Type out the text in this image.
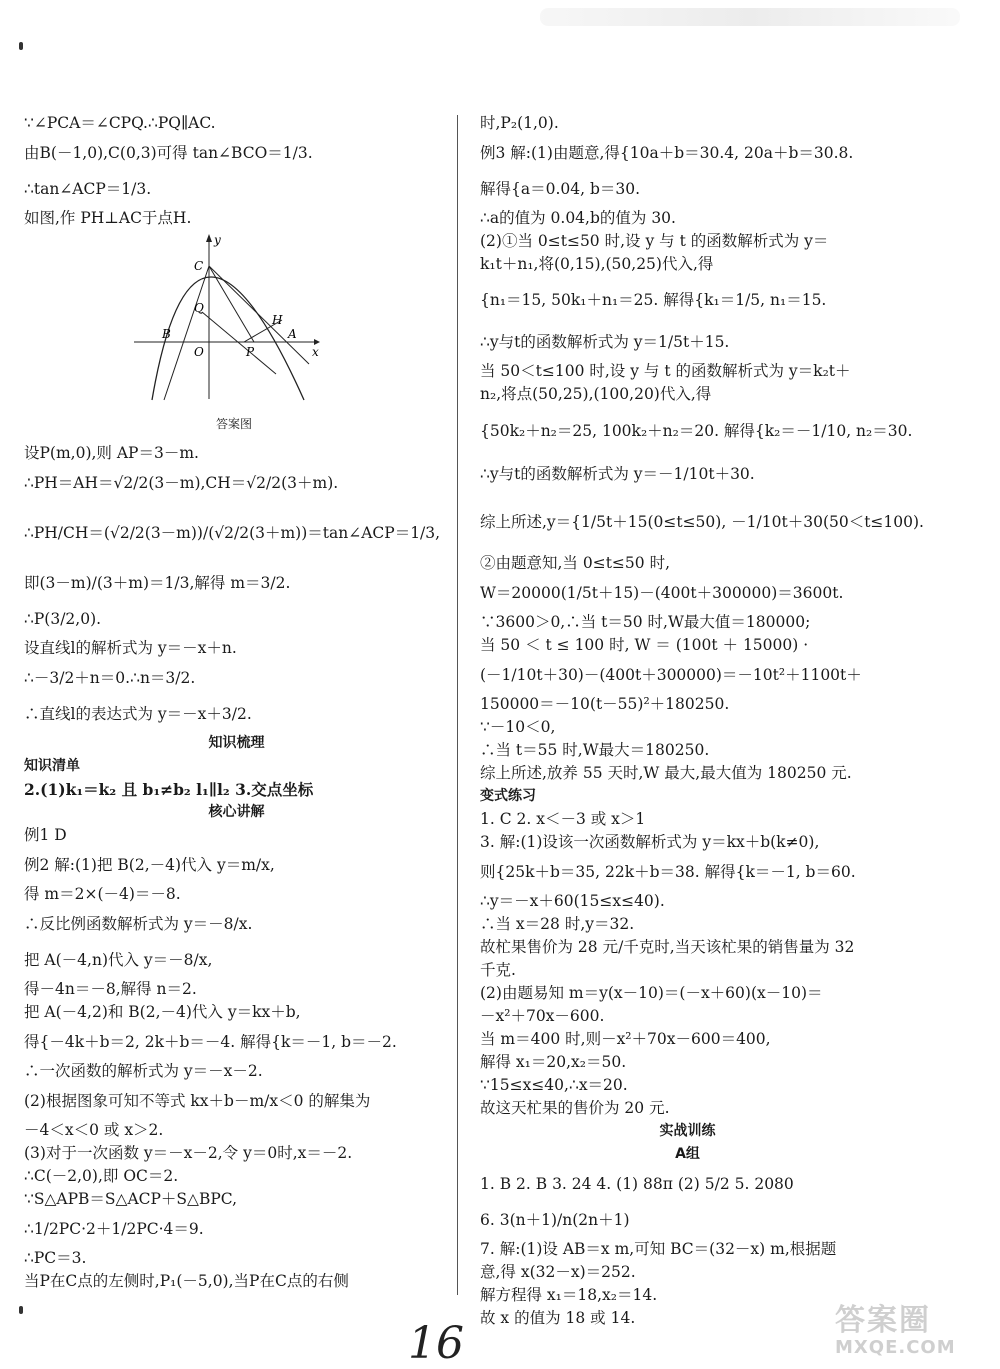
∵∠PCA＝∠CPQ.∴PQ∥AC.
由B(－1,0),C(0,3)可得 tan∠BCO＝1/3.
∴tan∠ACP＝1/3.
如图,作 PH⊥AC于点H.
y
C
Q
H
B	A
O	P	x
答案图
设P(m,0),则 AP＝3－m.
∴PH＝AH＝√2/2(3－m),CH＝√2/2(3＋m).
∴PH/CH＝(√2/2(3－m))/(√2/2(3＋m))＝tan∠ACP＝1/3,
即(3－m)/(3＋m)＝1/3,解得 m＝3/2.
∴P(3/2,0).
设直线l的解析式为 y＝－x＋n.
∴－3/2＋n＝0.∴n＝3/2.
∴直线l的表达式为 y＝－x＋3/2.
知识梳理
知识清单
2.(1)k₁＝k₂ 且 b₁≠b₂ l₁∥l₂ 3.交点坐标
核心讲解
例1 D
例2 解:(1)把 B(2,－4)代入 y＝m/x,
得 m＝2×(－4)＝－8.
∴反比例函数解析式为 y＝－8/x.
把 A(－4,n)代入 y＝－8/x,
得－4n＝－8,解得 n＝2.
把 A(－4,2)和 B(2,－4)代入 y＝kx＋b,
得{－4k＋b＝2, 2k＋b＝－4. 解得{k＝－1, b＝－2.
∴一次函数的解析式为 y＝－x－2.
(2)根据图象可知不等式 kx＋b－m/x＜0 的解集为
－4＜x＜0 或 x＞2.
(3)对于一次函数 y＝－x－2,令 y＝0时,x＝－2.
∴C(－2,0),即 OC＝2.
∵S△APB＝S△ACP＋S△BPC,
∴1/2PC·2＋1/2PC·4＝9.
∴PC＝3.
当P在C点的左侧时,P₁(－5,0),当P在C点的右侧
时,P₂(1,0).
例3 解:(1)由题意,得{10a＋b＝30.4, 20a＋b＝30.8.
解得{a＝0.04, b＝30.
∴a的值为 0.04,b的值为 30.
(2)①当 0≤t≤50 时,设 y 与 t 的函数解析式为 y＝
k₁t＋n₁,将(0,15),(50,25)代入,得
{n₁＝15, 50k₁＋n₁＝25. 解得{k₁＝1/5, n₁＝15.
∴y与t的函数解析式为 y＝1/5t＋15.
当 50＜t≤100 时,设 y 与 t 的函数解析式为 y＝k₂t＋
n₂,将点(50,25),(100,20)代入,得
{50k₂＋n₂＝25, 100k₂＋n₂＝20. 解得{k₂＝－1/10, n₂＝30.
∴y与t的函数解析式为 y＝－1/10t＋30.
综上所述,y＝{1/5t＋15(0≤t≤50), －1/10t＋30(50＜t≤100).
②由题意知,当 0≤t≤50 时,
W＝20000(1/5t＋15)－(400t＋300000)＝3600t.
∵3600＞0,∴当 t＝50 时,W最大值＝180000;
当 50 ＜ t ≤ 100 时, W ＝ (100t ＋ 15000) ·
(－1/10t＋30)－(400t＋300000)＝－10t²＋1100t＋
150000＝－10(t－55)²＋180250.
∵－10＜0,
∴当 t＝55 时,W最大＝180250.
综上所述,放养 55 天时,W 最大,最大值为 180250 元.
变式练习
1. C 2. x＜－3 或 x＞1
3. 解:(1)设该一次函数解析式为 y＝kx＋b(k≠0),
则{25k＋b＝35, 22k＋b＝38. 解得{k＝－1, b＝60.
∴y＝－x＋60(15≤x≤40).
∴当 x＝28 时,y＝32.
故杧果售价为 28 元/千克时,当天该杧果的销售量为 32
千克.
(2)由题易知 m＝y(x－10)＝(－x＋60)(x－10)＝
－x²＋70x－600.
当 m＝400 时,则－x²＋70x－600＝400,
解得 x₁＝20,x₂＝50.
∵15≤x≤40,∴x＝20.
故这天杧果的售价为 20 元.
实战训练
A组
1. B 2. B 3. 24 4. (1) 88π (2) 5/2 5. 2080
6. 3(n＋1)/n(2n＋1)
7. 解:(1)设 AB＝x m,可知 BC＝(32－x) m,根据题
意,得 x(32－x)＝252.
解方程得 x₁＝18,x₂＝14.
故 x 的值为 18 或 14.
16	答案圈
MXQE.COM
